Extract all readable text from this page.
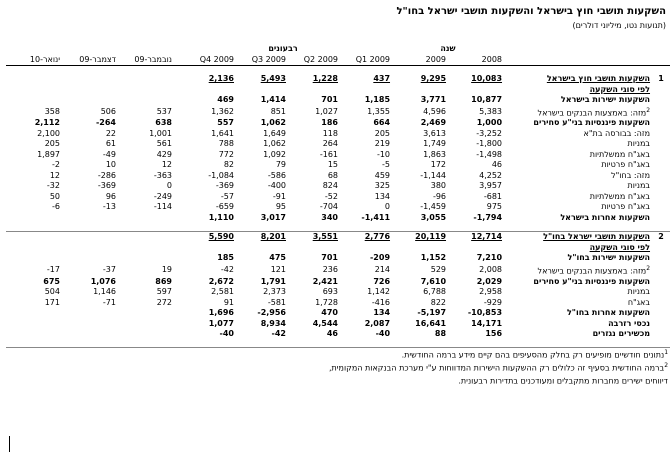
השקעות תושבי חוץ בישראל והשקעות תושבי ישראל בחו"ל
(תנועות נטו, מיליוני דולרים)
			רבעונים				שנה			
ינואר-10	דצמבר-09	נובמבר-09	Q4 2009	Q3 2009	Q2 2009	Q1 2009	2009	2008		

			2,136	5,493	1,228	437	9,295	10,083	השקעות תושבי חוץ בישראל	1
									לפי סוגי השקעה	
			469	1,414	701	1,185	3,771	10,877	השקעות ישירות בישראל	
358	506	537	1,362	851	1,027	1,355	4,596	5,383	$^2$מזה: באמצעות הבנקים בישראל	
2,112	-264	638	557	1,062	186	664	2,469	1,000	השקעות פיננסיות בני"ע סחירים	
2,100	22	1,001	1,641	1,649	118	205	3,613	-3,252	מזה: בבורסה בת"א	
205	61	561	788	1,062	264	219	1,749	-1,800	במניות	
1,897	-49	429	772	1,092	-161	-10	1,863	-1,498	באג"ח ממשלתיות	
-2	10	12	82	79	15	-5	172	46	באג"ח פרטיות	
12	-286	-363	-1,084	-586	68	459	-1,144	4,252	מזה: בחו"ל	
-32	-369	0	-369	-400	824	325	380	3,957	במניות	
50	96	-249	-57	-91	-52	134	-96	-681	באג"ח ממשלתיות	
-6	-13	-114	-659	95	-704	0	-1,459	975	באג"ח פרטיות	
			1,110	3,017	340	-1,411	3,055	-1,794	השקעות אחרות בישראל	

			5,590	8,201	3,551	2,776	20,119	12,714	השקעות תושבי ישראל בחו"ל	2
									לפי סוגי השקעה	
			185	475	701	-209	1,152	7,210	השקעות ישירות בחו"ל	
-17	-37	19	-42	121	236	214	529	2,008	$^2$מזה: באמצעות הבנקים בישראל	
675	1,076	869	2,672	1,791	2,421	726	7,610	2,029	השקעות פיננסיות בני"ע סחירים	
504	1,146	597	2,581	2,373	693	1,142	6,788	2,958	במניות	
171	-71	272	91	-581	1,728	-416	822	-929	באג"ח	
			1,696	-2,956	470	134	-5,197	-10,853	השקעות אחרות בחו"ל	
			1,077	8,934	4,544	2,087	16,641	14,171	נכסי רזרבה	
			-40	-42	46	-40	88	156	מכשירים נגזרים	

$^1$נתונים חודשיים מופיעים רק בחלק מהסעיפים בהם קיים מידע ברמה החודשית.										
$^2$ברמה החודשית בסעיף זה כלולים רק ההשקעות הישירות המדווחות ע"י מערכת הבנקאות המקומית,										
דיווחים ישירים מחברות מתקבלים ומעודכנים בתדירות רבעונית.										
